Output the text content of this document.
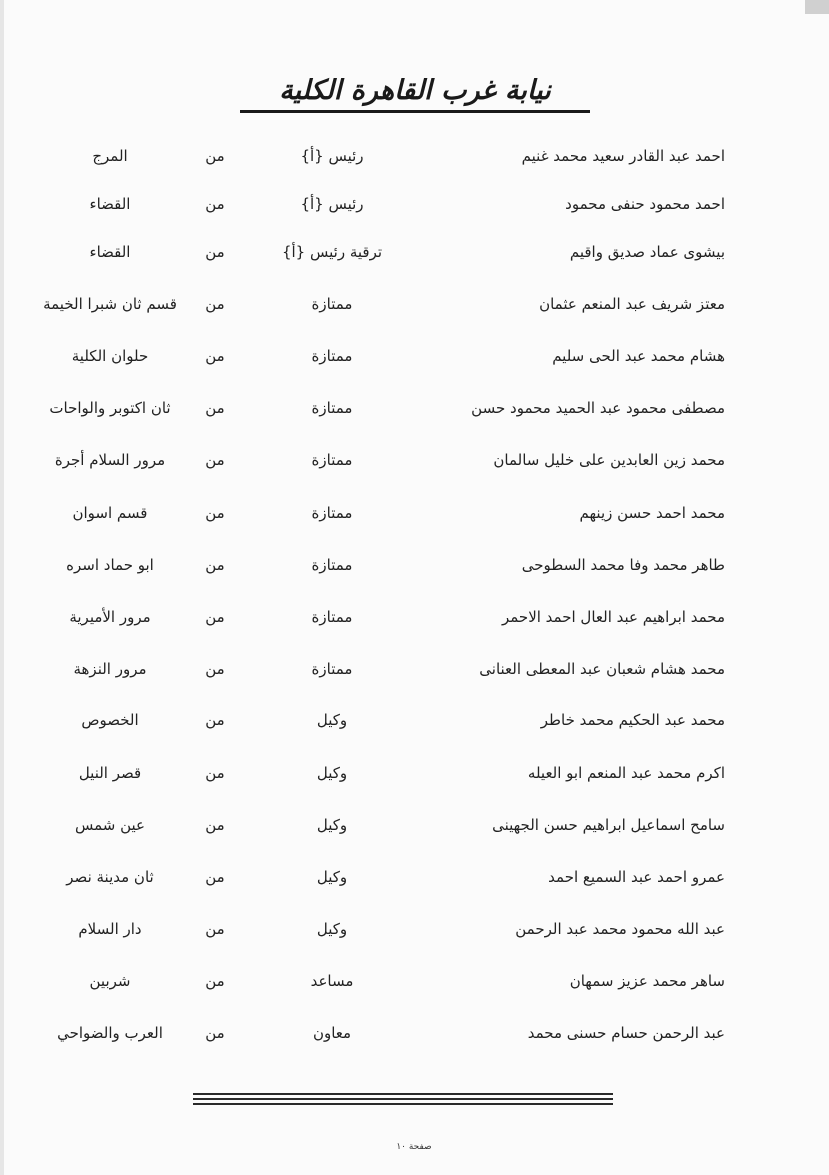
نيابة غرب القاهرة الكلية
احمد عبد القادر سعيد محمد غنيم
رئيس {أ}
من
المرج
احمد محمود حنفى محمود
رئيس {أ}
من
القضاء
بيشوى عماد صديق واقيم
ترقية رئيس {أ}
من
القضاء
معتز شريف عبد المنعم عثمان
ممتازة
من
قسم ثان شبرا الخيمة
هشام محمد عبد الحى سليم
ممتازة
من
حلوان الكلية
مصطفى محمود عبد الحميد محمود حسن
ممتازة
من
ثان اكتوبر والواحات
محمد زين العابدين على خليل سالمان
ممتازة
من
مرور السلام أجرة
محمد احمد حسن زينهم
ممتازة
من
قسم اسوان
طاهر محمد وفا محمد السطوحى
ممتازة
من
ابو حماد اسره
محمد ابراهيم عبد العال احمد الاحمر
ممتازة
من
مرور الأميرية
محمد هشام شعبان عبد المعطى العنانى
ممتازة
من
مرور النزهة
محمد عبد الحكيم محمد خاطر
وكيل
من
الخصوص
اكرم محمد عبد المنعم ابو العيله
وكيل
من
قصر النيل
سامح اسماعيل ابراهيم حسن الجهينى
وكيل
من
عين شمس
عمرو احمد عبد السميع احمد
وكيل
من
ثان مدينة نصر
عبد الله محمود محمد عبد الرحمن
وكيل
من
دار السلام
ساهر محمد عزيز سمهان
مساعد
من
شربين
عبد الرحمن حسام حسنى محمد
معاون
من
العرب والضواحي
صفحة ١٠
